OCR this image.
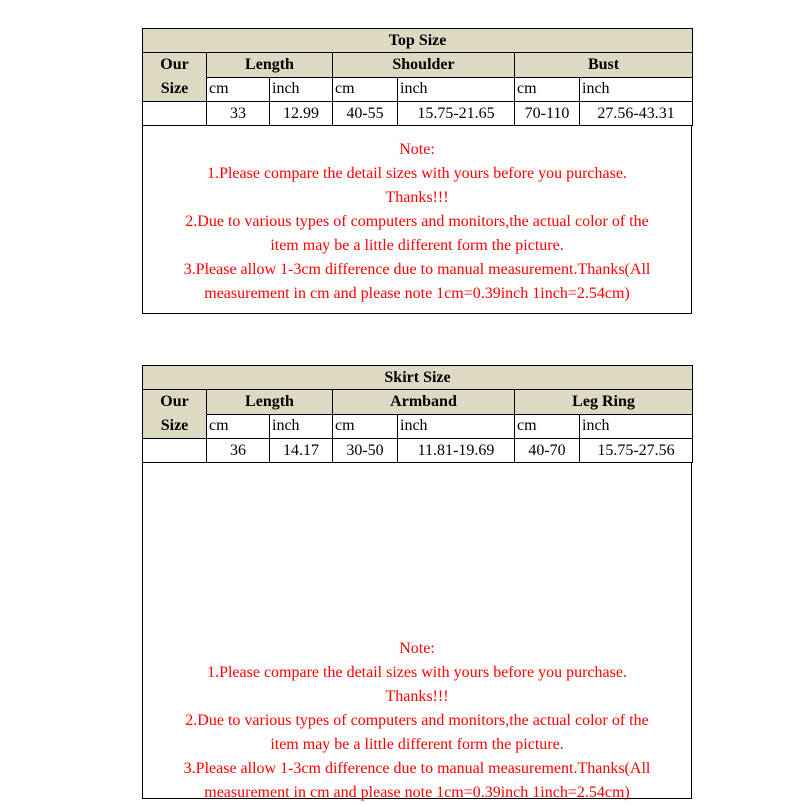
Top Size						
Our
Size	Length		Shoulder		Bust	
	cm	inch	cm	inch	cm	inch
	33	12.99	40-55	15.75-21.65	70-110	27.56-43.31
Note:
1.Please compare the detail sizes with yours before you purchase.
Thanks!!!
2.Due to various types of computers and monitors,the actual color of the
item may be a little different form the picture.
3.Please allow 1-3cm difference due to manual measurement.Thanks(All
measurement in cm and please note 1cm=0.39inch 1inch=2.54cm)
Skirt Size						
Our
Size	Length		Armband		Leg Ring	
	cm	inch	cm	inch	cm	inch
	36	14.17	30-50	11.81-19.69	40-70	15.75-27.56
Note:
1.Please compare the detail sizes with yours before you purchase.
Thanks!!!
2.Due to various types of computers and monitors,the actual color of the
item may be a little different form the picture.
3.Please allow 1-3cm difference due to manual measurement.Thanks(All
measurement in cm and please note 1cm=0.39inch 1inch=2.54cm)
